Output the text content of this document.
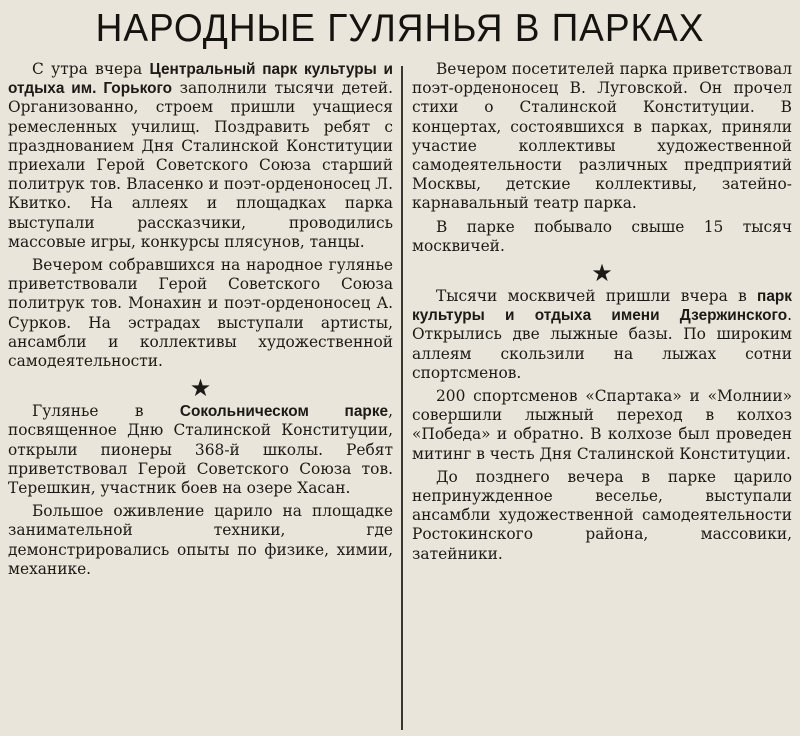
НАРОДНЫЕ ГУЛЯНЬЯ В ПАРКАХ

С утра вчера Центральный парк культуры и отдыха им. Горького заполнили тысячи детей. Организованно, строем пришли учащиеся ремесленных училищ. Поздравить ребят с празднованием Дня Сталинской Конституции приехали Герой Советского Союза старший политрук тов. Власенко и поэт-орденоносец Л. Квитко. На аллеях и площадках парка выступали рассказчики, проводились массовые игры, конкурсы плясунов, танцы.

Вечером собравшихся на народное гулянье приветствовали Герой Советского Союза политрук тов. Монахин и поэт-орденоносец А. Сурков. На эстрадах выступали артисты, ансамбли и коллективы художественной самодеятельности.

★

Гулянье в Сокольническом парке, посвященное Дню Сталинской Конституции, открыли пионеры 368-й школы. Ребят приветствовал Герой Советского Союза тов. Терешкин, участник боев на озере Хасан.

Большое оживление царило на площадке занимательной техники, где демонстрировались опыты по физике, химии, механике.

Вечером посетителей парка приветствовал поэт-орденоносец В. Луговской. Он прочел стихи о Сталинской Конституции. В концертах, состоявшихся в парках, приняли участие коллективы художественной самодеятельности различных предприятий Москвы, детские коллективы, затейно-карнавальный театр парка.

В парке побывало свыше 15 тысяч москвичей.

★

Тысячи москвичей пришли вчера в парк культуры и отдыха имени Дзержинского. Открылись две лыжные базы. По широким аллеям скользили на лыжах сотни спортсменов.

200 спортсменов «Спартака» и «Молнии» совершили лыжный переход в колхоз «Победа» и обратно. В колхозе был проведен митинг в честь Дня Сталинской Конституции.

До позднего вечера в парке царило непринужденное веселье, выступали ансамбли художественной самодеятельности Ростокинского района, массовики, затейники.
